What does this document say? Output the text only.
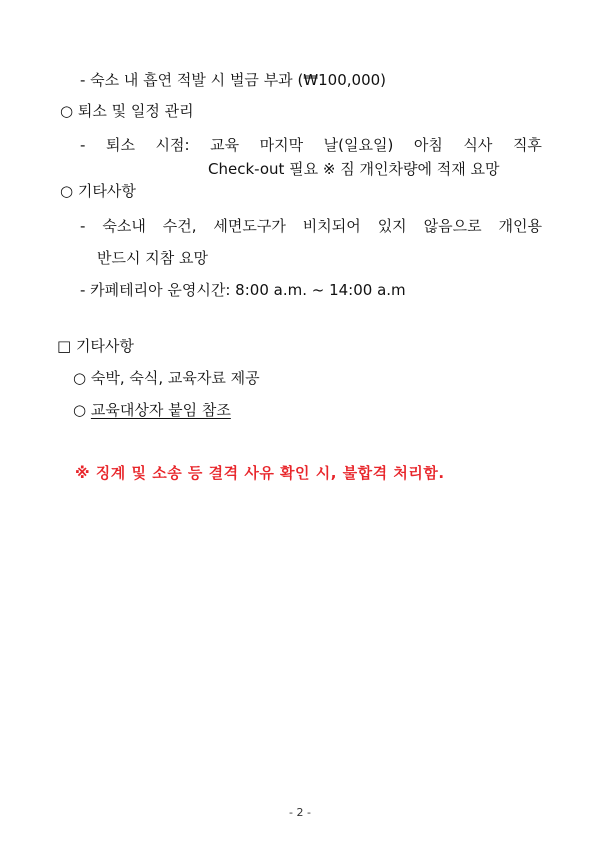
- 숙소 내 흡연 적발 시 벌금 부과 (₩100,000)
○ 퇴소 및 일정 관리
- 퇴소 시점: 교육 마지막 날(일요일) 아침 식사 직후
Check-out 필요 ※ 짐 개인차량에 적재 요망
○ 기타사항
- 숙소내 수건, 세면도구가 비치되어 있지 않음으로 개인용
반드시 지참 요망
- 카페테리아 운영시간: 8:00 a.m. ~ 14:00 a.m
□ 기타사항
○ 숙박, 숙식, 교육자료 제공
○ 교육대상자 붙임 참조
※ 징계 및 소송 등 결격 사유 확인 시, 불합격 처리함.
- 2 -
